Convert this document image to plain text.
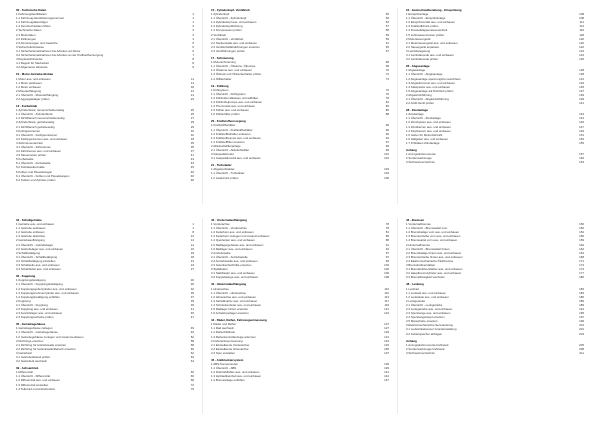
00 - Technische Daten
1 Fahrzeugidentifikation	1
1.1 Fahrzeug-Identifizierungsnummer	1
1.2 Fahrzeugdatenträger	1
1.3 Kennbuchstaben Motor	2
2 Technische Daten	3
2.1 Motordaten	3
2.2 Füllmengen	4
2.3 Abmessungen und Gewichte	5
3 Sicherheitshinweise	6
3.1 Sicherheitsmaßnahmen bei Arbeiten am Motor	6
3.2 Sicherheitsmaßnahmen bei Arbeiten an der Kraftstoffversorgung	7
4 Reparaturhinweise	8
4.1 Regeln für Sauberkeit	8
4.2 Allgemeine Hinweise	9
10 - Motor-Getriebe-Einbau
1 Motor aus- und einbauen	11
1.1 Motor ausbauen	11
1.2 Motor einbauen	18
2 Motoraufhängung	21
2.1 Übersicht - Motoraufhängung	21
2.2 Aggregatelager prüfen	23
13 - Kurbeltrieb
1 Zylinderblock, riemenscheibenseitig	25
1.1 Übersicht - Zylinderblock	25
1.2 Dichtflansch riemenscheibenseitig	27
2 Zylinderblock, getriebeseitig	29
2.1 Dichtflansch getriebeseitig	29
3 Keilrippenriemen	32
3.1 Übersicht - Keilrippenriemen	32
3.2 Keilrippenriemen aus- und einbauen	33
4 Zahnriemenantrieb	35
4.1 Übersicht - Zahnriemen	35
4.2 Zahnriemen aus- und einbauen	37
4.3 Steuerzeiten prüfen	41
5 Kurbelwelle	43
5.1 Übersicht - Kurbelwelle	43
5.2 Kurbelwellenmaße	45
6 Kolben und Pleuelstangen	46
6.1 Übersicht - Kolben und Pleuelstangen	46
6.2 Kolben und Zylinder prüfen	48
15 - Zylinderkopf, Ventiltrieb
1 Zylinderkopf	50
1.1 Übersicht - Zylinderkopf	50
1.2 Zylinderkopf aus- und einbauen	52
1.3 Zylinderkopfdichtung	57
1.4 Kompression prüfen	58
2 Ventiltrieb	59
2.1 Übersicht - Ventiltrieb	59
2.2 Nockenwelle aus- und einbauen	61
2.3 Ventilschaftabdichtungen ersetzen	65
2.4 Ventilführungen prüfen	67
17 - Schmierung
1 Motorschmierung	68
1.1 Übersicht - Ölwanne, Ölpumpe	68
1.2 Ölwanne aus- und einbauen	70
1.3 Öldruck und Öldruckschalter prüfen	72
1.4 Ölfilterhalter	74
19 - Kühlung
1 Kühlsystem	76
1.1 Übersicht - Kühlsystem	76
1.2 Kühlmittel ablassen und auffüllen	78
1.3 Kühlmittelpumpe aus- und einbauen	81
1.4 Thermostat aus- und einbauen	83
1.5 Kühler aus- und einbauen	85
1.6 Kühlerlüfter prüfen	88
20 - Kraftstoffversorgung
1 Kraftstoffbehälter	90
1.1 Übersicht - Kraftstoffbehälter	90
1.2 Kraftstoffbehälter entleeren	92
1.3 Kraftstoffpumpe aus- und einbauen	94
1.4 Kraftstofffilter ersetzen	97
2 Aktivkohlefilteranlage	99
2.1 Übersicht - Aktivkohlefilter	99
3 Gaspedalmodul	101
3.1 Gaspedalmodul aus- und einbauen	101
21 - Turbolader
1 Abgasturbolader	103
1.1 Übersicht - Turbolader	103
1.2 Ladedruck prüfen	106
24 - Gemischaufbereitung - Einspritzung
1 Einspritzanlage	108
1.1 Übersicht - Einspritzanlage	108
1.2 Einspritzventile aus- und einbauen	111
1.3 Kraftstoffdruck prüfen	114
1.4 Drosselklappensteuereinheit	116
1.5 Luftmassenmesser prüfen	118
2 Motorsteuergerät	120
2.1 Motorsteuergerät aus- und einbauen	120
2.2 Steuergerät anpassen	122
3 Lambdaregelung	124
3.1 Lambdasonde aus- und einbauen	124
3.2 Lambdasonde prüfen	126
26 - Abgasanlage
1 Abgasanlage	128
1.1 Übersicht - Abgasanlage	128
1.2 Abgasanlage spannungsfrei ausrichten	131
1.3 Abgaskrümmer aus- und einbauen	133
1.4 Katalysator aus- und einbauen	135
1.5 Abgasanlage auf Dichtheit prüfen	137
2 Abgasrückführung	139
2.1 Übersicht - Abgasrückführung	139
2.2 AGR-Ventil prüfen	141
28 - Zündanlage
1 Zündanlage	143
1.1 Übersicht - Zündanlage	143
1.2 Zündspulen aus- und einbauen	145
1.3 Zündkerzen aus- und einbauen	147
1.4 Klopfsensor aus- und einbauen	149
1.5 Geber für Motordrehzahl	151
1.6 Hallgeber aus- und einbauen	153
1.7 Prüfdaten Zündanlage	155
Anhang
1 Anzugsdrehmomente	157
2 Sonderwerkzeuge	160
3 Stichwortverzeichnis	163
34 - Schaltgetriebe
1 Getriebe aus- und einbauen	1
1.1 Getriebe ausbauen	1
1.2 Getriebe einbauen	8
1.3 Getriebe abstützen	12
2 Getriebeaufhängung	14
2.1 Übersicht - Getriebelager	14
2.2 Getriebelager aus- und einbauen	16
3 Schaltbetätigung	18
3.1 Übersicht - Schaltbetätigung	18
3.2 Schaltbetätigung einstellen	21
3.3 Schaltseile aus- und einbauen	24
3.4 Schalthebel aus- und einbauen	27
30 - Kupplung
1 Kupplungsbetätigung	30
1.1 Übersicht - Kupplungsbetätigung	30
1.2 Kupplungsgeberzylinder aus- und einbauen	32
1.3 Kupplungsnehmerzylinder aus- und einbauen	35
1.4 Kupplungsbetätigung entlüften	37
2 Kupplung	39
2.1 Übersicht - Kupplung	39
2.2 Kupplung aus- und einbauen	41
2.3 Ausrücklager aus- und einbauen	45
2.4 Kupplungsscheibe prüfen	47
35 - Getriebegehäuse
1 Getriebegehäuse zerlegen	49
1.1 Übersicht - Getriebegehäuse	49
1.2 Getriebegehäuse zerlegen und zusammenbauen	52
2 Dichtringe ersetzen	58
2.1 Dichtring für Antriebswelle ersetzen	58
2.2 Dichtring für Gelenkwellenflansch ersetzen	60
3 Getriebeöl	62
3.1 Getriebeölstand prüfen	62
3.2 Getriebeöl wechseln	64
39 - Achsantrieb
1 Differenzial	66
1.1 Übersicht - Differenzial	66
1.2 Differenzial aus- und einbauen	68
1.3 Differenzial einstellen	72
1.4 Tellerrad und Antriebsritzel	75
40 - Vorderradaufhängung
1 Vorderachse	78
1.1 Übersicht - Vorderachse	78
1.2 Federbein aus- und einbauen	81
1.3 Federbein zerlegen und zusammenbauen	85
1.4 Querlenker aus- und einbauen	88
1.5 Radlagergehäuse aus- und einbauen	91
1.6 Radlager aus- und einbauen	94
2 Antriebswelle	97
2.1 Übersicht - Antriebswelle	97
2.2 Antriebswelle aus- und einbauen	99
2.3 Gelenkschutzhülle ersetzen	103
3 Stabilisator	106
3.1 Stabilisator aus- und einbauen	106
3.2 Koppelstange aus- und einbauen	108
42 - Hinterradaufhängung
1 Hinterachse	110
1.1 Übersicht - Hinterachse	110
1.2 Hinterachse aus- und einbauen	113
1.3 Stoßdämpfer aus- und einbauen	117
1.4 Schraubenfeder aus- und einbauen	119
1.5 Radlager hinten ersetzen	121
1.6 Achskörperlager ersetzen	124
44 - Räder, Reifen, Fahrzeugvermessung
1 Räder und Reifen	127
1.1 Rad wechseln	127
1.2 Reifenfülldruck	129
1.3 Reifenkontrollanzeige anlernen	131
2 Fahrwerksvermessung	133
2.1 Einstellwerte Vorderachse	133
2.2 Einstellwerte Hinterachse	135
2.3 Spur einstellen	137
45 - Antiblockiersystem
1 ABS-Komponenten	139
1.1 Übersicht - ABS	139
1.2 Drehzahlfühler aus- und einbauen	141
1.3 Hydraulikeinheit aus- und einbauen	144
1.4 Bremsanlage entlüften	147
46 - Bremsen
1 Vorderradbremse	150
1.1 Übersicht - Bremssattel vorn	150
1.2 Bremsbeläge vorn aus- und einbauen	152
1.3 Bremsscheibe vorn aus- und einbauen	156
1.4 Bremssattel vorn aus- und einbauen	159
2 Hinterradbremse	162
2.1 Übersicht - Bremssattel hinten	162
2.2 Bremsbeläge hinten aus- und einbauen	164
2.3 Bremsscheibe hinten aus- und einbauen	168
2.4 Elektromechanische Parkbremse	171
3 Bremskraftverstärker	174
3.1 Bremskraftverstärker aus- und einbauen	174
3.2 Hauptbremszylinder aus- und einbauen	177
3.3 Bremsflüssigkeit wechseln	180
48 - Lenkung
1 Lenkrad	183
1.1 Lenkrad aus- und einbauen	183
1.2 Lenksäule aus- und einbauen	186
2 Lenkgetriebe	189
2.1 Übersicht - Lenkgetriebe	189
2.2 Lenkgetriebe aus- und einbauen	191
2.3 Spurstange aus- und einbauen	195
2.4 Spurstangenkopf ersetzen	197
2.5 Manschette ersetzen	199
3 Elektromechanische Servolenkung	201
3.1 Lenkwinkelsensor Grundeinstellung	201
3.2 Fehlerspeicher abfragen	203
Anhang
1 Anzugsdrehmomente Fahrwerk	205
2 Sonderwerkzeuge Fahrwerk	208
3 Stichwortverzeichnis	211
